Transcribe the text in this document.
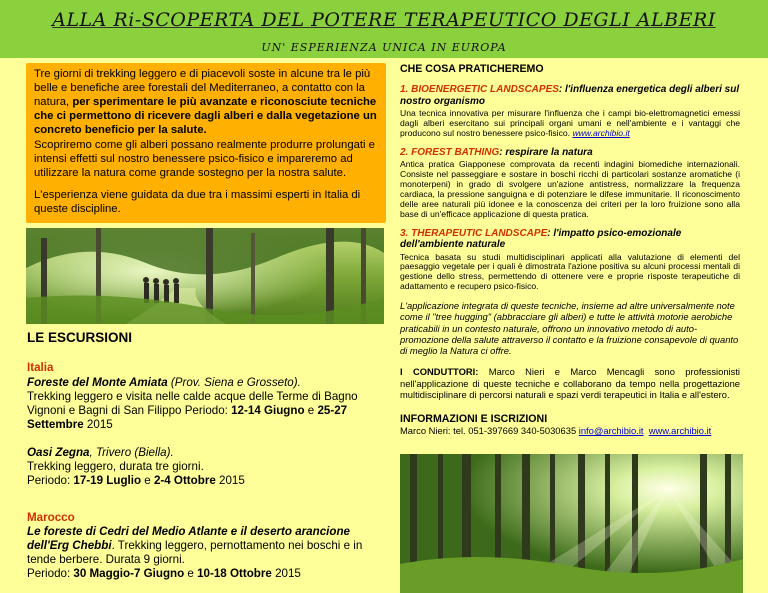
ALLA Ri-SCOPERTA DEL POTERE TERAPEUTICO DEGLI ALBERI
UN' ESPERIENZA UNICA IN EUROPA

Tre giorni di trekking leggero e di piacevoli soste in alcune tra le più belle e benefiche aree forestali del Mediterraneo, a contatto con la natura, per sperimentare le più avanzate e riconosciute tecniche che ci permettono di ricevere dagli alberi e dalla vegetazione un concreto beneficio per la salute.
Scopriremo come gli alberi possano realmente produrre prolungati e intensi effetti sul nostro benessere psico-fisico e impareremo ad utilizzare la natura come grande sostegno per la nostra salute.

L'esperienza viene guidata da due tra i massimi esperti in Italia di queste discipline.

LE ESCURSIONI
Italia
Foreste del Monte Amiata (Prov. Siena e Grosseto).
Trekking leggero e visita nelle calde acque delle Terme di Bagno Vignoni e Bagni di San Filippo Periodo: 12-14 Giugno e 25-27 Settembre 2015
Oasi Zegna, Trivero (Biella).
Trekking leggero, durata tre giorni.
Periodo: 17-19 Luglio e 2-4 Ottobre 2015
Marocco
Le foreste di Cedri del Medio Atlante e il deserto arancione dell'Erg Chebbi. Trekking leggero, pernottamento nei boschi e in tende berbere. Durata 9 giorni.
Periodo: 30 Maggio-7 Giugno e 10-18 Ottobre 2015
CHE COSA PRATICHEREMO

1. BIOENERGETIC LANDSCAPES: l'influenza energetica degli alberi sul nostro organismo

Una tecnica innovativa per misurare l'influenza che i campi bio-elettromagnetici emessi dagli alberi esercitano sui principali organi umani e nell'ambiente e i vantaggi che producono sul nostro benessere psico-fisico. www.archibio.it

2. FOREST BATHING: respirare la natura

Antica pratica Giapponese comprovata da recenti indagini biomediche internazionali. Consiste nel passeggiare e sostare in boschi ricchi di particolari sostanze aromatiche (i monoterpeni) in grado di svolgere un'azione antistress, normalizzare la frequenza cardiaca, la pressione sanguigna e di potenziare le difese immunitarie. Il riconoscimento delle aree naturali più idonee e la conoscenza dei criteri per la loro fruizione sono alla base di un'efficace applicazione di questa pratica.

3. THERAPEUTIC LANDSCAPE: l'impatto psico-emozionale dell'ambiente naturale

Tecnica basata su studi multidisciplinari applicati alla valutazione di elementi del paesaggio vegetale per i quali è dimostrata l'azione positiva su alcuni processi mentali di gestione dello stress, permettendo di ottenere vere e proprie risposte terapeutiche di adattamento e recupero psico-fisico.

L'applicazione integrata di queste tecniche, insieme ad altre universalmente note come il "tree hugging" (abbracciare gli alberi) e tutte le attività motorie aerobiche praticabili in un contesto naturale, offrono un innovativo metodo di auto-promozione della salute attraverso il contatto e la fruizione consapevole di quanto di meglio la Natura ci offre.

I CONDUTTORI: Marco Nieri e Marco Mencagli sono professionisti nell'applicazione di queste tecniche e collaborano da tempo nella progettazione multidisciplinare di percorsi naturali e spazi verdi terapeutici in Italia e all'estero.

INFORMAZIONI E ISCRIZIONI
Marco Nieri: tel. 051-397669 340-5030635 info@archibio.it www.archibio.it
